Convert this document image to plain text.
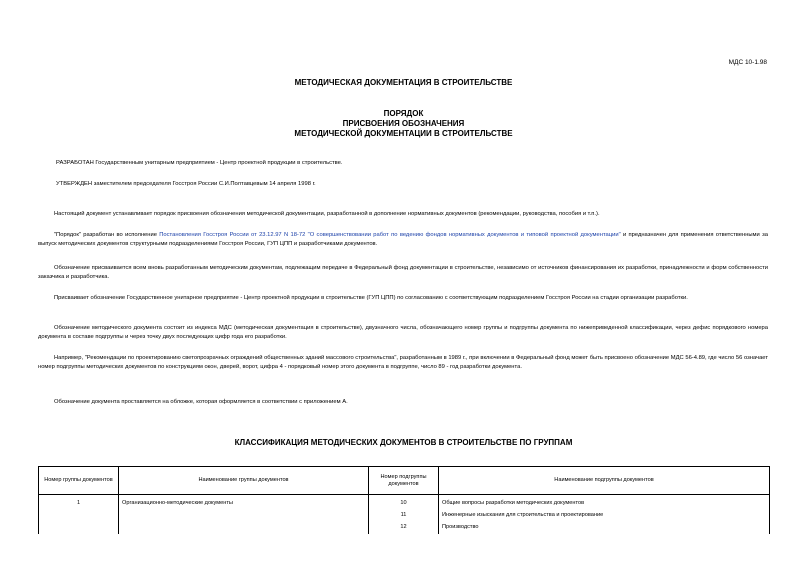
МДС 10-1.98
МЕТОДИЧЕСКАЯ ДОКУМЕНТАЦИЯ В СТРОИТЕЛЬСТВЕ
ПОРЯДОК
ПРИСВОЕНИЯ ОБОЗНАЧЕНИЯ
МЕТОДИЧЕСКОЙ ДОКУМЕНТАЦИИ В СТРОИТЕЛЬСТВЕ
РАЗРАБОТАН Государственным унитарным предприятием - Центр проектной продукции в строительстве.
УТВЕРЖДЕН заместителем председателя Госстроя России С.И.Полтавцевым 14 апреля 1998 г.
Настоящий документ устанавливает порядок присвоения обозначения методической документации, разработанной в дополнение нормативных документов (рекомендации, руководства, пособия и т.п.).
"Порядок" разработан во исполнение Постановления Госстроя России от 23.12.97 N 18-72 "О совершенствовании работ по ведению фондов нормативных документов и типовой проектной документации" и предназначен для применения ответственными за выпуск методических документов структурными подразделениями Госстроя России, ГУП ЦПП и разработчиками документов.
Обозначение присваивается всем вновь разработанным методическим документам, подлежащим передаче в Федеральный фонд документации в строительстве, независимо от источников финансирования их разработки, принадлежности и форм собственности заказчика и разработчика.
Присваивает обозначение Государственное унитарное предприятие - Центр проектной продукции в строительстве (ГУП ЦПП) по согласованию с соответствующим подразделением Госстроя России на стадии организации разработки.
Обозначение методического документа состоит из индекса МДС (методическая документация в строительстве), двузначного числа, обозначающего номер группы и подгруппы документа по нижеприведенной классификации, через дефис порядкового номера документа в составе подгруппы и через точку двух последующих цифр года его разработки.
Например, "Рекомендации по проектированию светопрозрачных ограждений общественных зданий массового строительства", разработанным в 1989 г., при включении в Федеральный фонд может быть присвоено обозначение МДС 56-4.89, где число 56 означает номер подгруппы методических документов по конструкциям окон, дверей, ворот, цифра 4 - порядковый номер этого документа в подгруппе, число 89 - год разработки документа.
Обозначение документа проставляется на обложке, которая оформляется в соответствии с приложением А.
КЛАССИФИКАЦИЯ МЕТОДИЧЕСКИХ ДОКУМЕНТОВ В СТРОИТЕЛЬСТВЕ ПО ГРУППАМ
Номер группы документов	Наименование группы документов	Номер подгруппы документов	Наименование подгруппы документов
1	Организационно-методические документы	10	Общие вопросы разработки методических документов
		11	Инженерные изыскания для строительства и проектирование
		12	Производство
